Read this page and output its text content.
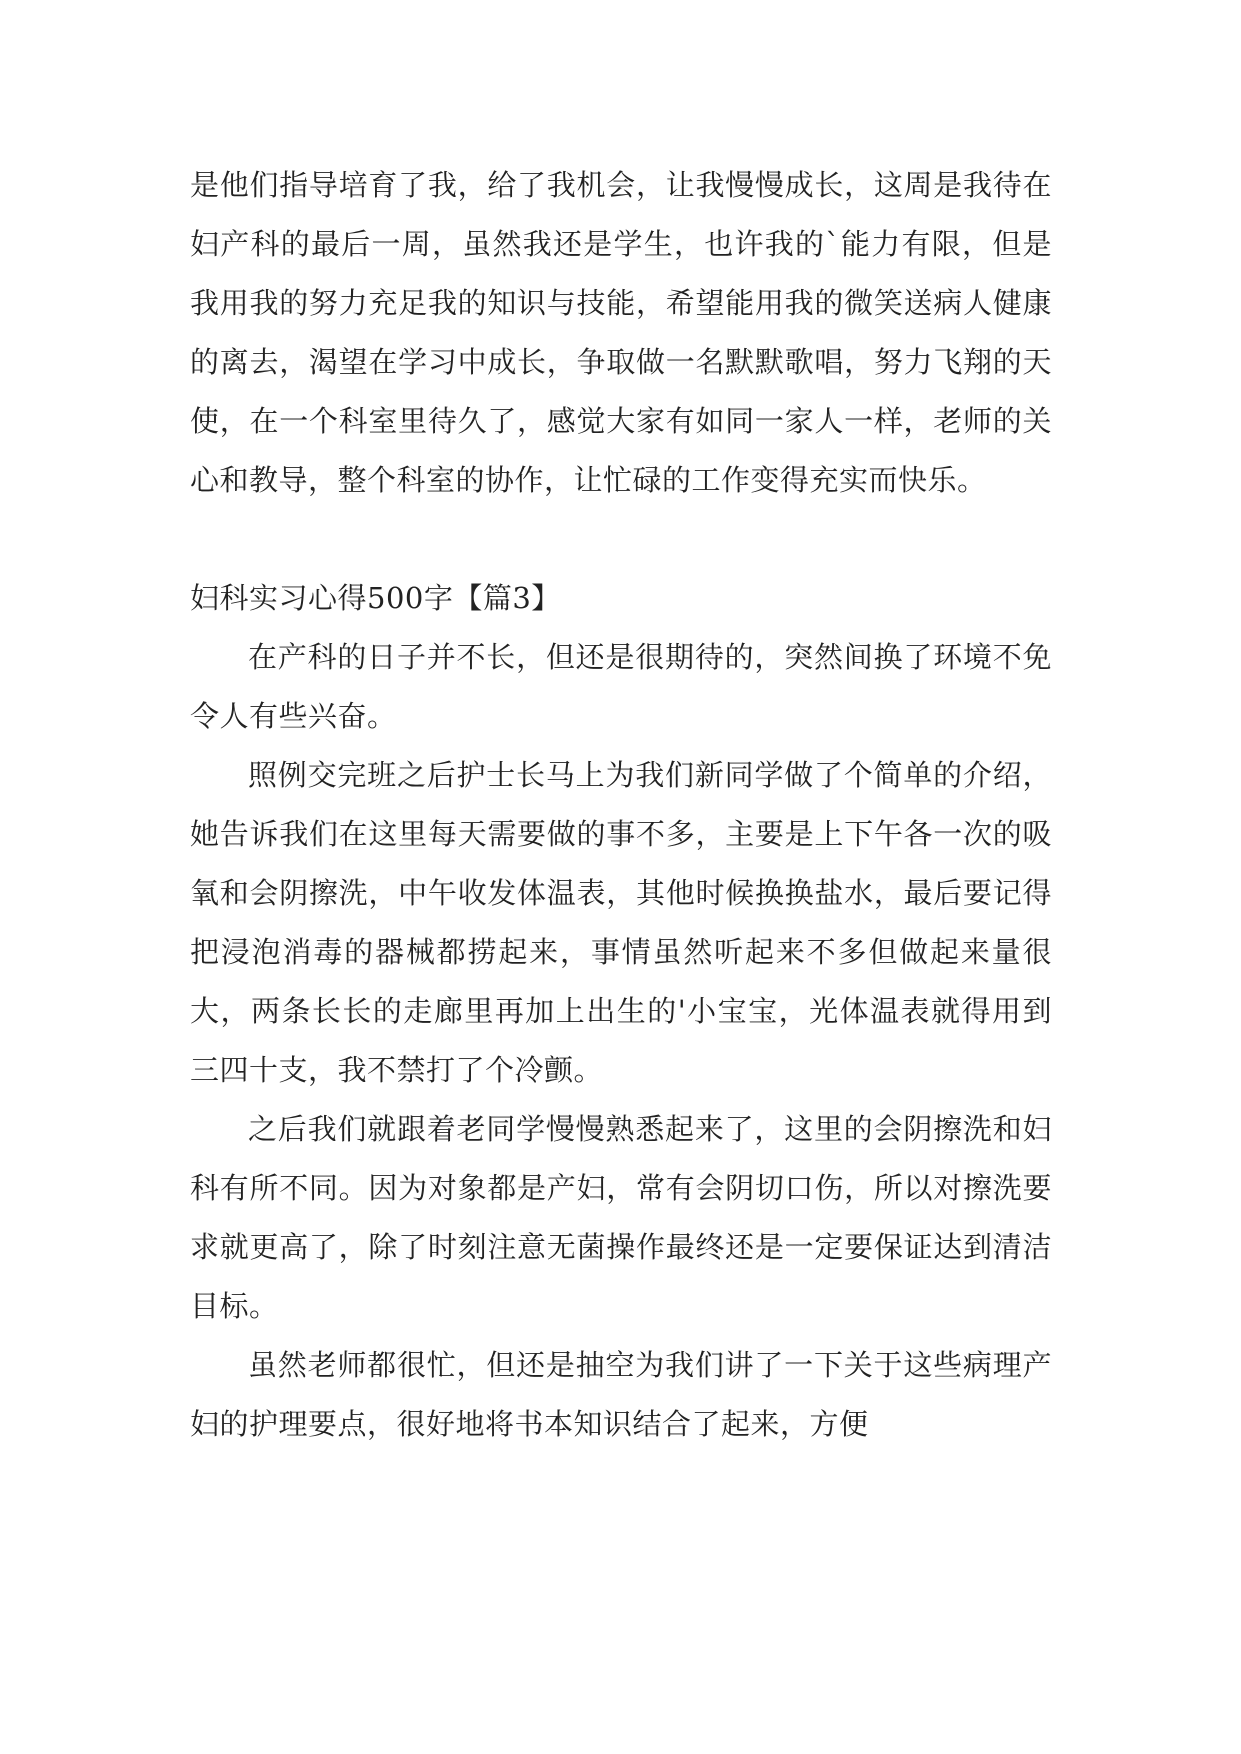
是他们指导培育了我，给了我机会，让我慢慢成长，这周是我待在妇产科的最后一周，虽然我还是学生，也许我的`能力有限，但是我用我的努力充足我的知识与技能，希望能用我的微笑送病人健康的离去，渴望在学习中成长，争取做一名默默歌唱，努力飞翔的天使，在一个科室里待久了，感觉大家有如同一家人一样，老师的关心和教导，整个科室的协作，让忙碌的工作变得充实而快乐。

妇科实习心得500字【篇3】

在产科的日子并不长，但还是很期待的，突然间换了环境不免令人有些兴奋。

照例交完班之后护士长马上为我们新同学做了个简单的介绍，她告诉我们在这里每天需要做的事不多，主要是上下午各一次的吸氧和会阴擦洗，中午收发体温表，其他时候换换盐水，最后要记得把浸泡消毒的器械都捞起来，事情虽然听起来不多但做起来量很大，两条长长的走廊里再加上出生的'小宝宝，光体温表就得用到三四十支，我不禁打了个冷颤。

之后我们就跟着老同学慢慢熟悉起来了，这里的会阴擦洗和妇科有所不同。因为对象都是产妇，常有会阴切口伤，所以对擦洗要求就更高了，除了时刻注意无菌操作最终还是一定要保证达到清洁目标。

虽然老师都很忙，但还是抽空为我们讲了一下关于这些病理产妇的护理要点，很好地将书本知识结合了起来，方便
